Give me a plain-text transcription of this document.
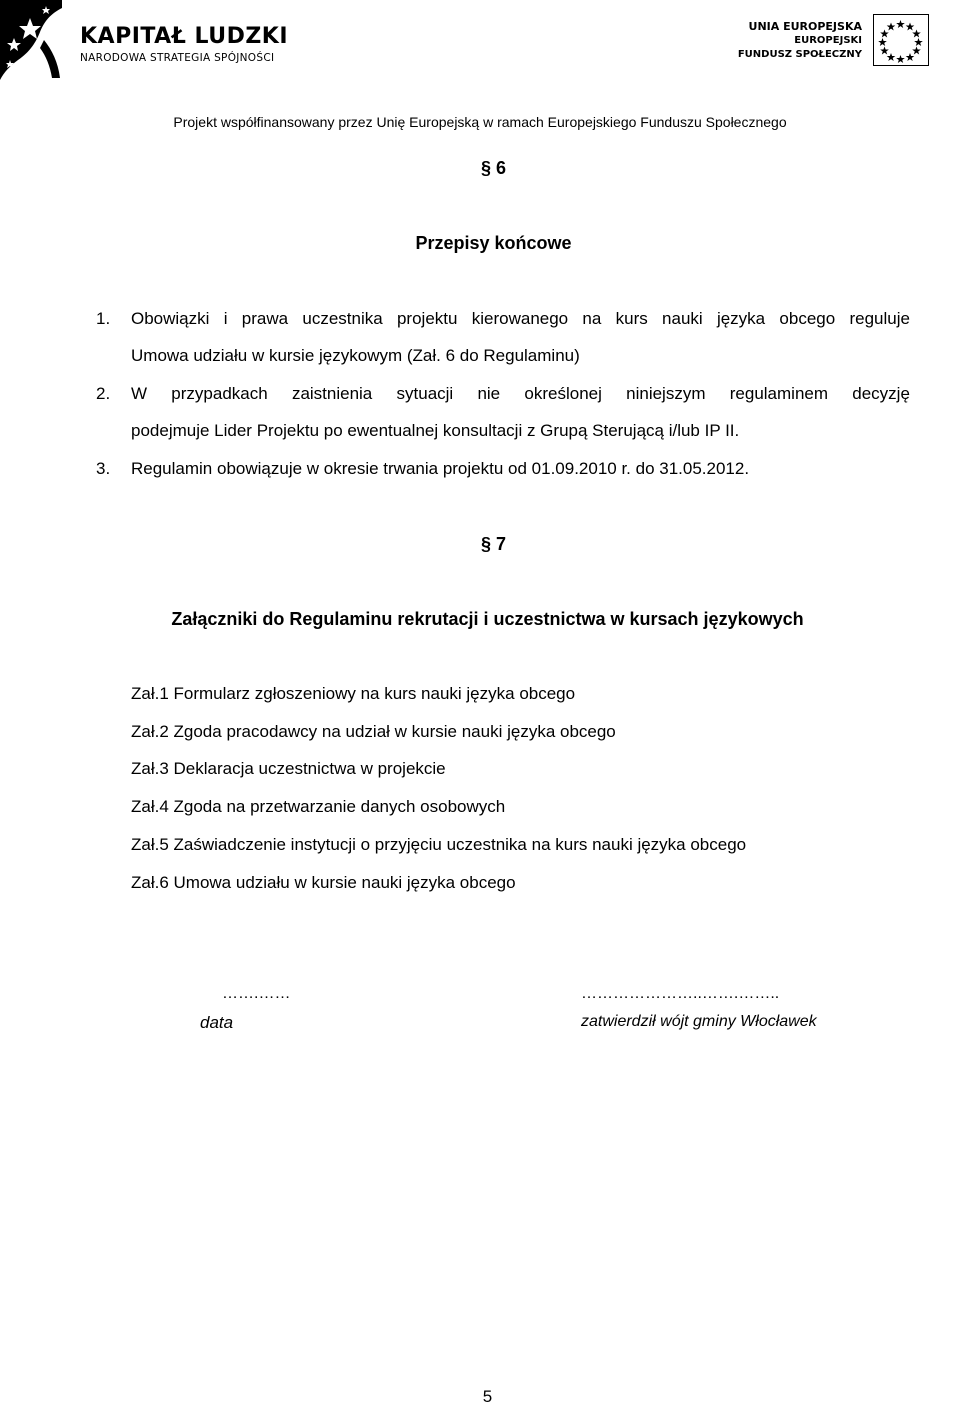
KAPITAŁ LUDZKI
NARODOWA STRATEGIA SPÓJNOŚCI
UNIA EUROPEJSKA
EUROPEJSKI
FUNDUSZ SPOŁECZNY
Projekt współfinansowany przez Unię Europejską w ramach Europejskiego Funduszu Społecznego
§ 6
Przepisy końcowe
1. Obowiązki i prawa uczestnika projektu kierowanego na kurs nauki języka obcego reguluje
Umowa udziału w kursie językowym (Zał. 6 do Regulaminu)
2. W przypadkach zaistnienia sytuacji nie określonej niniejszym regulaminem decyzję
podejmuje Lider Projektu po ewentualnej konsultacji z Grupą Sterującą i/lub IP II.
3. Regulamin obowiązuje w okresie trwania projektu od 01.09.2010 r. do 31.05.2012.
§ 7
Załączniki do Regulaminu rekrutacji i uczestnictwa w kursach językowych
Zał.1 Formularz zgłoszeniowy na kurs nauki języka obcego
Zał.2 Zgoda pracodawcy na udział w kursie nauki języka obcego
Zał.3 Deklaracja uczestnictwa w projekcie
Zał.4 Zgoda na przetwarzanie danych osobowych
Zał.5 Zaświadczenie instytucji o przyjęciu uczestnika na kurs nauki języka obcego
Zał.6 Umowa udziału w kursie nauki języka obcego
…….……
data
…………………..…….……..
zatwierdził wójt gminy Włocławek
5
